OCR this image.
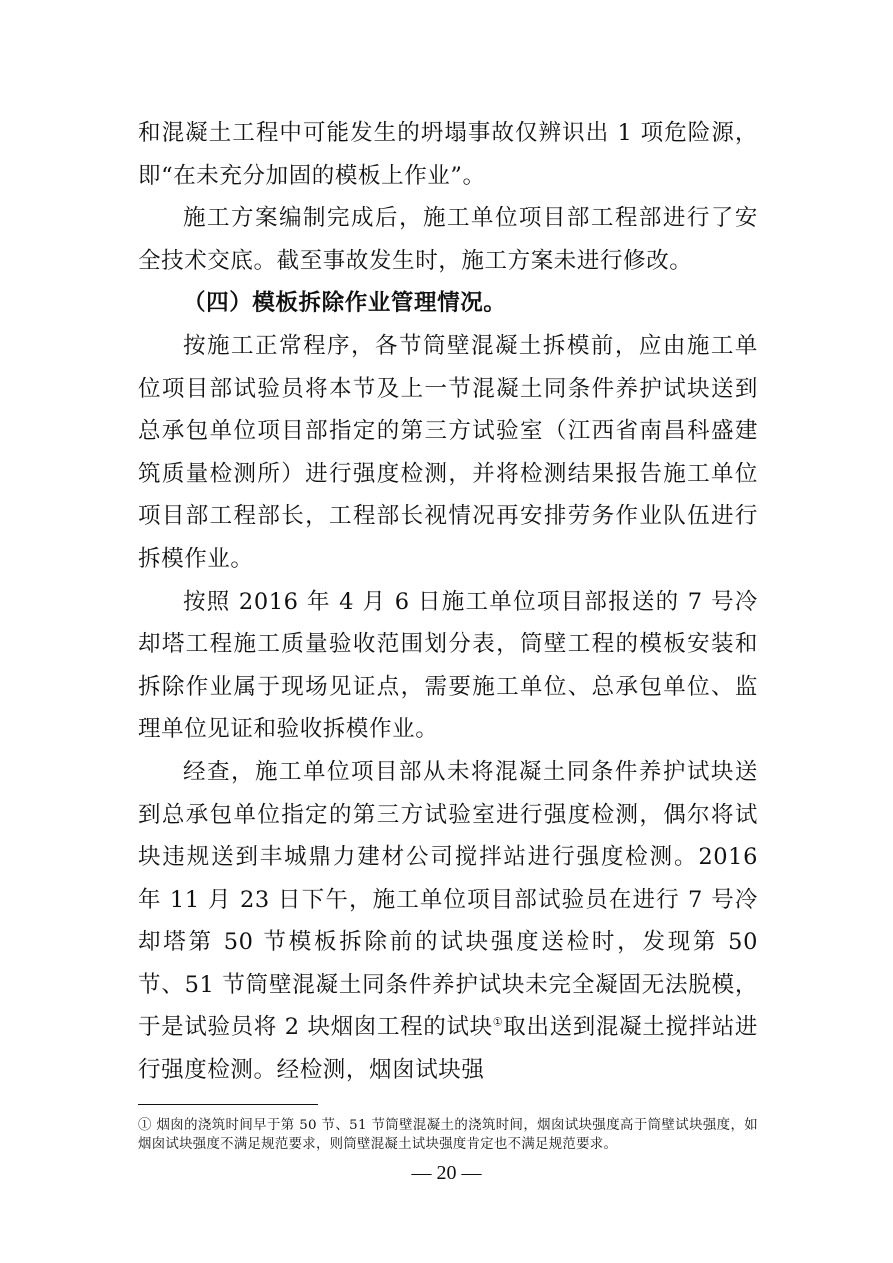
和混凝土工程中可能发生的坍塌事故仅辨识出 1 项危险源，即“在未充分加固的模板上作业”。

施工方案编制完成后，施工单位项目部工程部进行了安全技术交底。截至事故发生时，施工方案未进行修改。

（四）模板拆除作业管理情况。

按施工正常程序，各节筒壁混凝土拆模前，应由施工单位项目部试验员将本节及上一节混凝土同条件养护试块送到总承包单位项目部指定的第三方试验室（江西省南昌科盛建筑质量检测所）进行强度检测，并将检测结果报告施工单位项目部工程部长，工程部长视情况再安排劳务作业队伍进行拆模作业。

按照 2016 年 4 月 6 日施工单位项目部报送的 7 号冷却塔工程施工质量验收范围划分表，筒壁工程的模板安装和拆除作业属于现场见证点，需要施工单位、总承包单位、监理单位见证和验收拆模作业。

经查，施工单位项目部从未将混凝土同条件养护试块送到总承包单位指定的第三方试验室进行强度检测，偶尔将试块违规送到丰城鼎力建材公司搅拌站进行强度检测。2016 年 11 月 23 日下午，施工单位项目部试验员在进行 7 号冷却塔第 50 节模板拆除前的试块强度送检时，发现第 50 节、51 节筒壁混凝土同条件养护试块未完全凝固无法脱模，于是试验员将 2 块烟囱工程的试块①取出送到混凝土搅拌站进行强度检测。经检测，烟囱试块强

① 烟囱的浇筑时间早于第 50 节、51 节筒壁混凝土的浇筑时间，烟囱试块强度高于筒壁试块强度，如烟囱试块强度不满足规范要求，则筒壁混凝土试块强度肯定也不满足规范要求。

— 20 —
